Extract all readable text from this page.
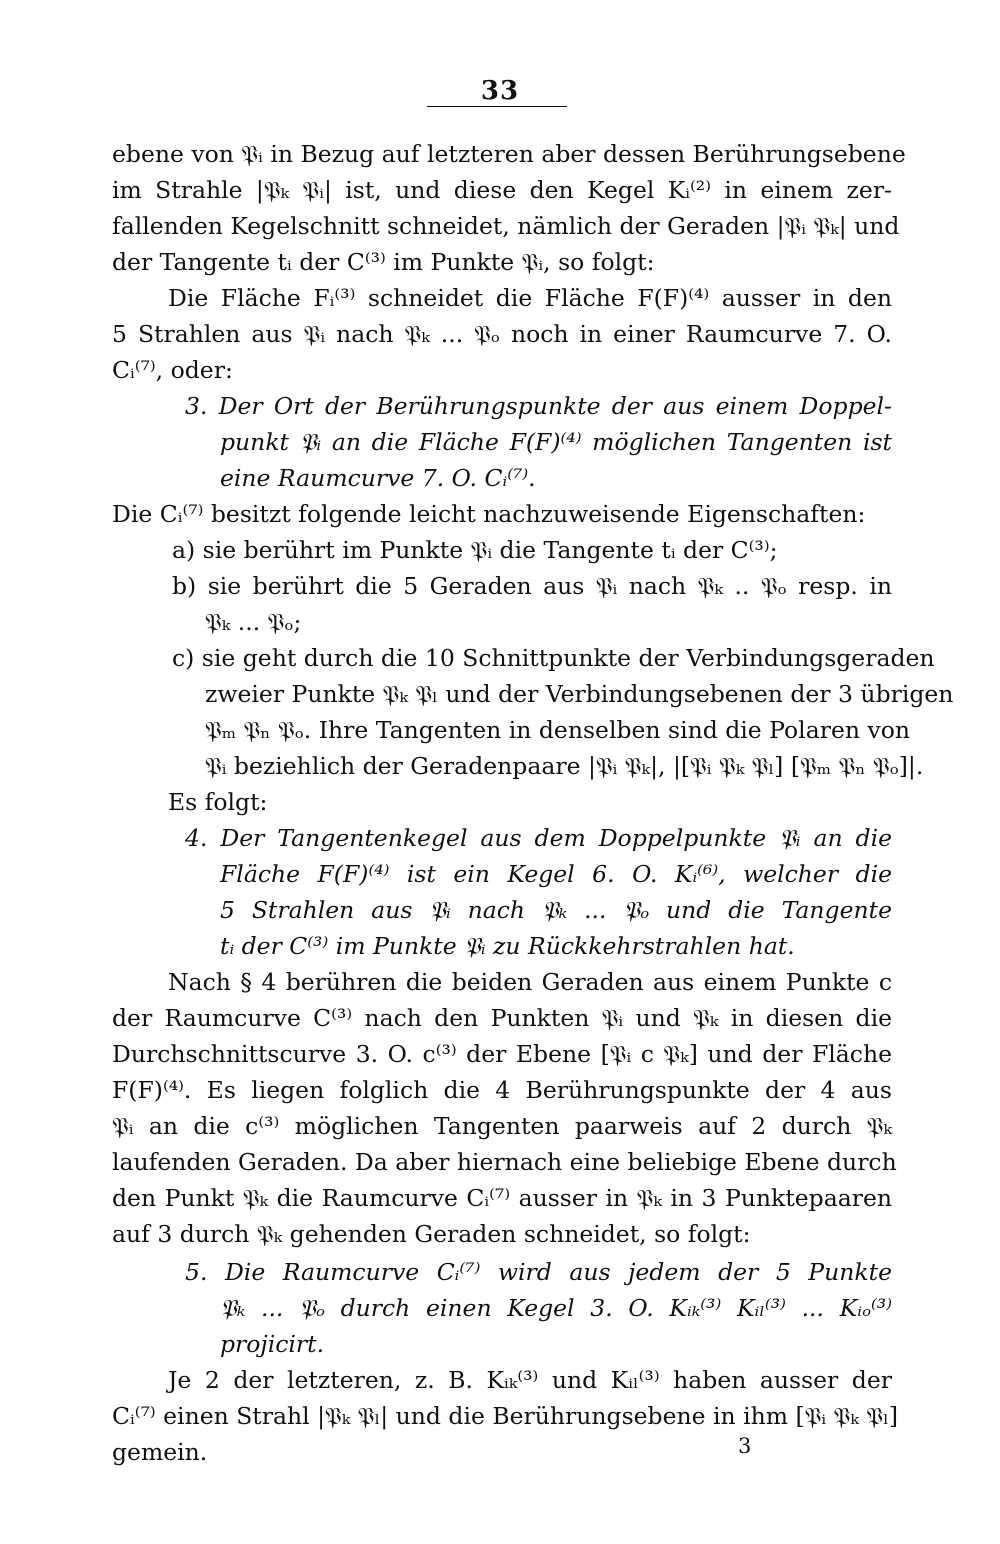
33
ebene von 𝔓ᵢ in Bezug auf letzteren aber dessen Berührungsebene
im Strahle |𝔓ₖ 𝔓ᵢ| ist, und diese den Kegel Kᵢ⁽²⁾ in einem zer-
fallenden Kegelschnitt schneidet, nämlich der Geraden |𝔓ᵢ 𝔓ₖ| und
der Tangente tᵢ der C⁽³⁾ im Punkte 𝔓ᵢ, so folgt:
Die Fläche Fᵢ⁽³⁾ schneidet die Fläche F(F)⁽⁴⁾ ausser in den
5 Strahlen aus 𝔓ᵢ nach 𝔓ₖ ... 𝔓ₒ noch in einer Raumcurve 7. O.
Cᵢ⁽⁷⁾, oder:
3. Der Ort der Berührungspunkte der aus einem Doppel-
punkt 𝔓ᵢ an die Fläche F(F)⁽⁴⁾ möglichen Tangenten ist
eine Raumcurve 7. O. Cᵢ⁽⁷⁾.
Die Cᵢ⁽⁷⁾ besitzt folgende leicht nachzuweisende Eigenschaften:
a) sie berührt im Punkte 𝔓ᵢ die Tangente tᵢ der C⁽³⁾;
b) sie berührt die 5 Geraden aus 𝔓ᵢ nach 𝔓ₖ .. 𝔓ₒ resp. in
𝔓ₖ ... 𝔓ₒ;
c) sie geht durch die 10 Schnittpunkte der Verbindungsgeraden
zweier Punkte 𝔓ₖ 𝔓ₗ und der Verbindungsebenen der 3 übrigen
𝔓ₘ 𝔓ₙ 𝔓ₒ. Ihre Tangenten in denselben sind die Polaren von
𝔓ᵢ beziehlich der Geradenpaare |𝔓ᵢ 𝔓ₖ|, |[𝔓ᵢ 𝔓ₖ 𝔓ₗ] [𝔓ₘ 𝔓ₙ 𝔓ₒ]|.
Es folgt:
4. Der Tangentenkegel aus dem Doppelpunkte 𝔓ᵢ an die
Fläche F(F)⁽⁴⁾ ist ein Kegel 6. O. Kᵢ⁽⁶⁾, welcher die
5 Strahlen aus 𝔓ᵢ nach 𝔓ₖ ... 𝔓ₒ und die Tangente
tᵢ der C⁽³⁾ im Punkte 𝔓ᵢ zu Rückkehrstrahlen hat.
Nach § 4 berühren die beiden Geraden aus einem Punkte c
der Raumcurve C⁽³⁾ nach den Punkten 𝔓ᵢ und 𝔓ₖ in diesen die
Durchschnittscurve 3. O. c⁽³⁾ der Ebene [𝔓ᵢ c 𝔓ₖ] und der Fläche
F(F)⁽⁴⁾. Es liegen folglich die 4 Berührungspunkte der 4 aus
𝔓ᵢ an die c⁽³⁾ möglichen Tangenten paarweis auf 2 durch 𝔓ₖ
laufenden Geraden. Da aber hiernach eine beliebige Ebene durch
den Punkt 𝔓ₖ die Raumcurve Cᵢ⁽⁷⁾ ausser in 𝔓ₖ in 3 Punktepaaren
auf 3 durch 𝔓ₖ gehenden Geraden schneidet, so folgt:
5. Die Raumcurve Cᵢ⁽⁷⁾ wird aus jedem der 5 Punkte
𝔓ₖ ... 𝔓ₒ durch einen Kegel 3. O. Kᵢₖ⁽³⁾ Kᵢₗ⁽³⁾ ... Kᵢₒ⁽³⁾
projicirt.
Je 2 der letzteren, z. B. Kᵢₖ⁽³⁾ und Kᵢₗ⁽³⁾ haben ausser der
Cᵢ⁽⁷⁾ einen Strahl |𝔓ₖ 𝔓ₗ| und die Berührungsebene in ihm [𝔓ᵢ 𝔓ₖ 𝔓ₗ]
gemein.	3
